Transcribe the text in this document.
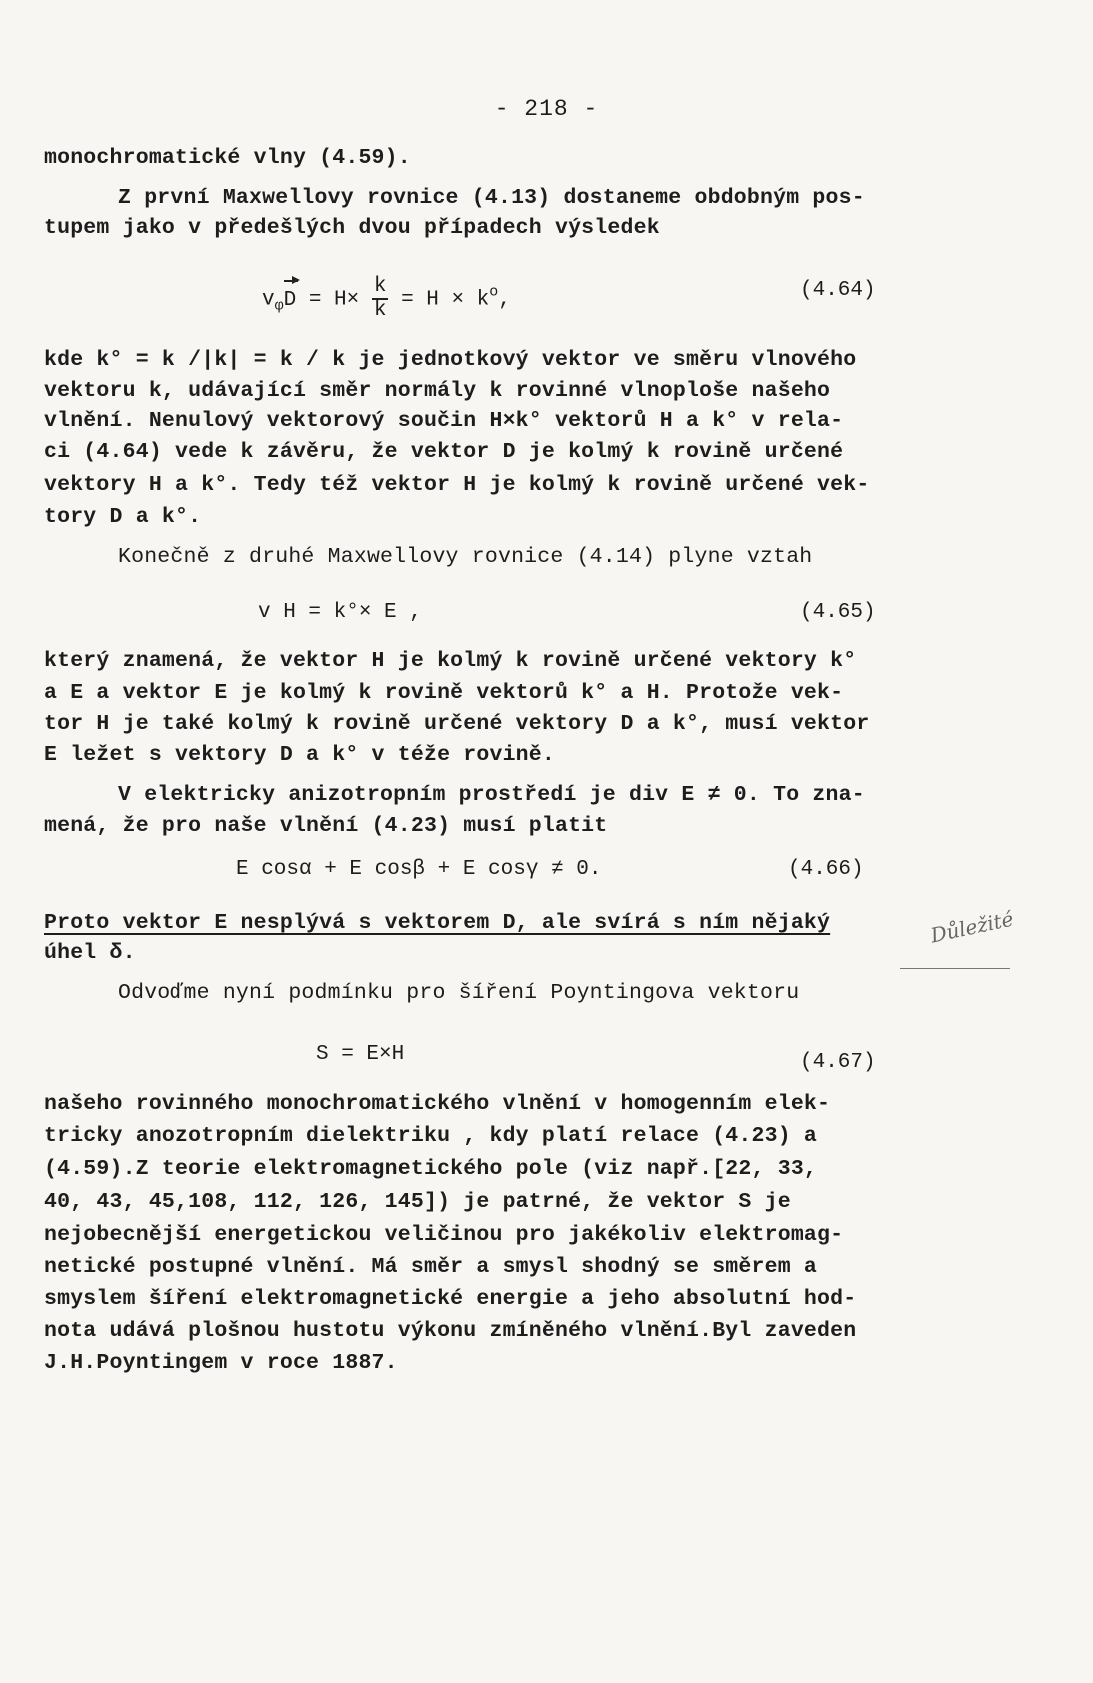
- 218 -
monochromatické vlny (4.59).
Z první Maxwellovy rovnice (4.13) dostaneme obdobným pos-
tupem jako v předešlých dvou případech výsledek
$v_\varphi D = H\times \frac{k}{k} = H \times k^o$,	(4.64)
kde k° = k /|k| = k / k je jednotkový vektor ve směru vlnového
vektoru k, udávající směr normály k rovinné vlnoploše našeho
vlnění. Nenulový vektorový součin H×k° vektorů H a k° v rela-
ci (4.64) vede k závěru, že vektor D je kolmý k rovině určené
vektory H a k°. Tedy též vektor H je kolmý k rovině určené vek-
tory D a k°.
Konečně z druhé Maxwellovy rovnice (4.14) plyne vztah
v H = k°× E ,	(4.65)
který znamená, že vektor H je kolmý k rovině určené vektory k°
a E a vektor E je kolmý k rovině vektorů k° a H. Protože vek-
tor H je také kolmý k rovině určené vektory D a k°, musí vektor
E ležet s vektory D a k° v téže rovině.
V elektricky anizotropním prostředí je div E ≠ 0. To zna-
mená, že pro naše vlnění (4.23) musí platit
E cosα + E cosβ + E cosγ ≠ 0.	(4.66)
Proto vektor E nesplývá s vektorem D, ale svírá s ním nějaký
úhel δ.
Odvoďme nyní podmínku pro šíření Poyntingova vektoru
S = E×H	(4.67)
našeho rovinného monochromatického vlnění v homogenním elek-
tricky anozotropním dielektriku , kdy platí relace (4.23) a
(4.59).Z teorie elektromagnetického pole (viz např.[22, 33,
40, 43, 45,108, 112, 126, 145]) je patrné, že vektor S je
nejobecnější energetickou veličinou pro jakékoliv elektromag-
netické postupné vlnění. Má směr a smysl shodný se směrem a
smyslem šíření elektromagnetické energie a jeho absolutní hod-
nota udává plošnou hustotu výkonu zmíněného vlnění.Byl zaveden
J.H.Poyntingem v roce 1887.
Důležité
